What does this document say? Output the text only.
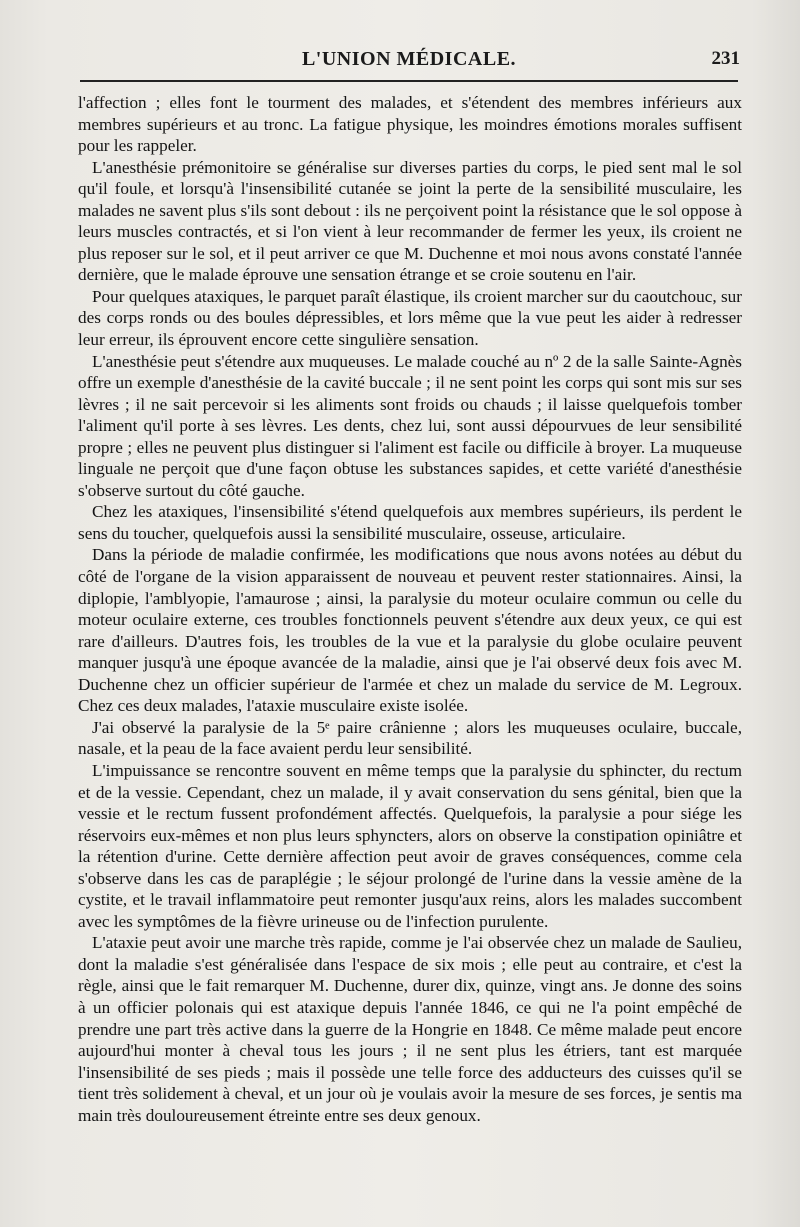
L'UNION MÉDICALE.	231

l'affection ; elles font le tourment des malades, et s'étendent des membres inférieurs aux membres supérieurs et au tronc. La fatigue physique, les moindres émotions morales suffisent pour les rappeler.

L'anesthésie prémonitoire se généralise sur diverses parties du corps, le pied sent mal le sol qu'il foule, et lorsqu'à l'insensibilité cutanée se joint la perte de la sensibilité musculaire, les malades ne savent plus s'ils sont debout : ils ne perçoivent point la résistance que le sol oppose à leurs muscles contractés, et si l'on vient à leur recommander de fermer les yeux, ils croient ne plus reposer sur le sol, et il peut arriver ce que M. Duchenne et moi nous avons constaté l'année dernière, que le malade éprouve une sensation étrange et se croie soutenu en l'air.

Pour quelques ataxiques, le parquet paraît élastique, ils croient marcher sur du caoutchouc, sur des corps ronds ou des boules dépressibles, et lors même que la vue peut les aider à redresser leur erreur, ils éprouvent encore cette singulière sensation.

L'anesthésie peut s'étendre aux muqueuses. Le malade couché au nº 2 de la salle Sainte-Agnès offre un exemple d'anesthésie de la cavité buccale ; il ne sent point les corps qui sont mis sur ses lèvres ; il ne sait percevoir si les aliments sont froids ou chauds ; il laisse quelquefois tomber l'aliment qu'il porte à ses lèvres. Les dents, chez lui, sont aussi dépourvues de leur sensibilité propre ; elles ne peuvent plus distinguer si l'aliment est facile ou difficile à broyer. La muqueuse linguale ne perçoit que d'une façon obtuse les substances sapides, et cette variété d'anesthésie s'observe surtout du côté gauche.

Chez les ataxiques, l'insensibilité s'étend quelquefois aux membres supérieurs, ils perdent le sens du toucher, quelquefois aussi la sensibilité musculaire, osseuse, articulaire.

Dans la période de maladie confirmée, les modifications que nous avons notées au début du côté de l'organe de la vision apparaissent de nouveau et peuvent rester stationnaires. Ainsi, la diplopie, l'amblyopie, l'amaurose ; ainsi, la paralysie du moteur oculaire commun ou celle du moteur oculaire externe, ces troubles fonctionnels peuvent s'étendre aux deux yeux, ce qui est rare d'ailleurs. D'autres fois, les troubles de la vue et la paralysie du globe oculaire peuvent manquer jusqu'à une époque avancée de la maladie, ainsi que je l'ai observé deux fois avec M. Duchenne chez un officier supérieur de l'armée et chez un malade du service de M. Legroux. Chez ces deux malades, l'ataxie musculaire existe isolée.

J'ai observé la paralysie de la 5ᵉ paire crânienne ; alors les muqueuses oculaire, buccale, nasale, et la peau de la face avaient perdu leur sensibilité.

L'impuissance se rencontre souvent en même temps que la paralysie du sphincter, du rectum et de la vessie. Cependant, chez un malade, il y avait conservation du sens génital, bien que la vessie et le rectum fussent profondément affectés. Quelquefois, la paralysie a pour siége les réservoirs eux-mêmes et non plus leurs sphyncters, alors on observe la constipation opiniâtre et la rétention d'urine. Cette dernière affection peut avoir de graves conséquences, comme cela s'observe dans les cas de paraplégie ; le séjour prolongé de l'urine dans la vessie amène de la cystite, et le travail inflammatoire peut remonter jusqu'aux reins, alors les malades succombent avec les symptômes de la fièvre urineuse ou de l'infection purulente.

L'ataxie peut avoir une marche très rapide, comme je l'ai observée chez un malade de Saulieu, dont la maladie s'est généralisée dans l'espace de six mois ; elle peut au contraire, et c'est la règle, ainsi que le fait remarquer M. Duchenne, durer dix, quinze, vingt ans. Je donne des soins à un officier polonais qui est ataxique depuis l'année 1846, ce qui ne l'a point empêché de prendre une part très active dans la guerre de la Hongrie en 1848. Ce même malade peut encore aujourd'hui monter à cheval tous les jours ; il ne sent plus les étriers, tant est marquée l'insensibilité de ses pieds ; mais il possède une telle force des adducteurs des cuisses qu'il se tient très solidement à cheval, et un jour où je voulais avoir la mesure de ses forces, je sentis ma main très douloureusement étreinte entre ses deux genoux.
